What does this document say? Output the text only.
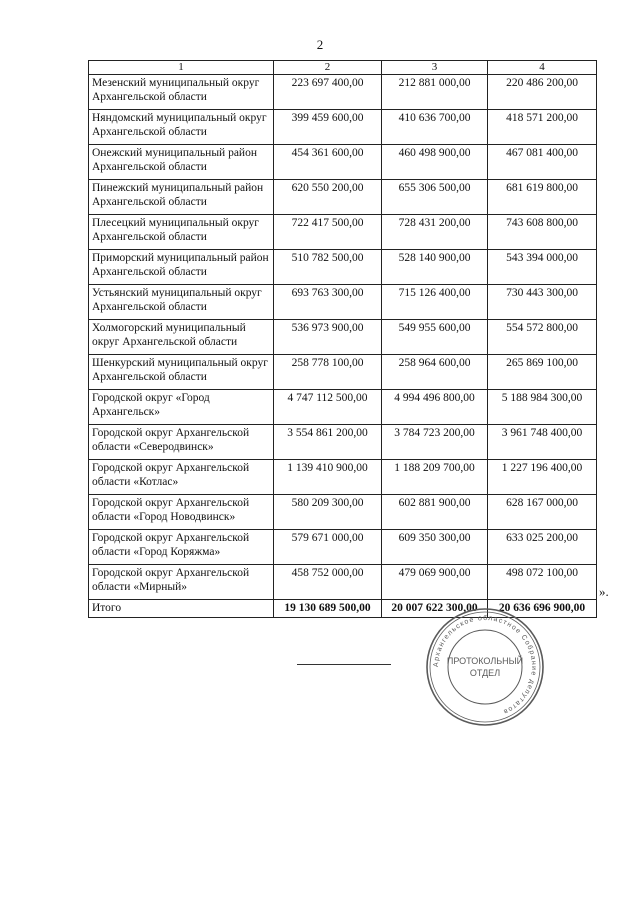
2
1	2	3	4
Мезенский муниципальный округ Архангельской области	223 697 400,00	212 881 000,00	220 486 200,00
Няндомский муниципальный округ Архангельской области	399 459 600,00	410 636 700,00	418 571 200,00
Онежский муниципальный район Архангельской области	454 361 600,00	460 498 900,00	467 081 400,00
Пинежский муниципальный район Архангельской области	620 550 200,00	655 306 500,00	681 619 800,00
Плесецкий муниципальный округ Архангельской области	722 417 500,00	728 431 200,00	743 608 800,00
Приморский муниципальный район Архангельской области	510 782 500,00	528 140 900,00	543 394 000,00
Устьянский муниципальный округ Архангельской области	693 763 300,00	715 126 400,00	730 443 300,00
Холмогорский муниципальный округ Архангельской области	536 973 900,00	549 955 600,00	554 572 800,00
Шенкурский муниципальный округ Архангельской области	258 778 100,00	258 964 600,00	265 869 100,00
Городской округ «Город Архангельск»	4 747 112 500,00	4 994 496 800,00	5 188 984 300,00
Городской округ Архангельской области «Северодвинск»	3 554 861 200,00	3 784 723 200,00	3 961 748 400,00
Городской округ Архангельской области «Котлас»	1 139 410 900,00	1 188 209 700,00	1 227 196 400,00
Городской округ Архангельской области «Город Новодвинск»	580 209 300,00	602 881 900,00	628 167 000,00
Городской округ Архангельской области «Город Коряжма»	579 671 000,00	609 350 300,00	633 025 200,00
Городской округ Архангельской области «Мирный»	458 752 000,00	479 069 900,00	498 072 100,00
Итого	19 130 689 500,00	20 007 622 300,00	20 636 696 900,00
».
Архангельское областное Собрание депутатов
ПРОТОКОЛЬНЫЙ
ОТДЕЛ
